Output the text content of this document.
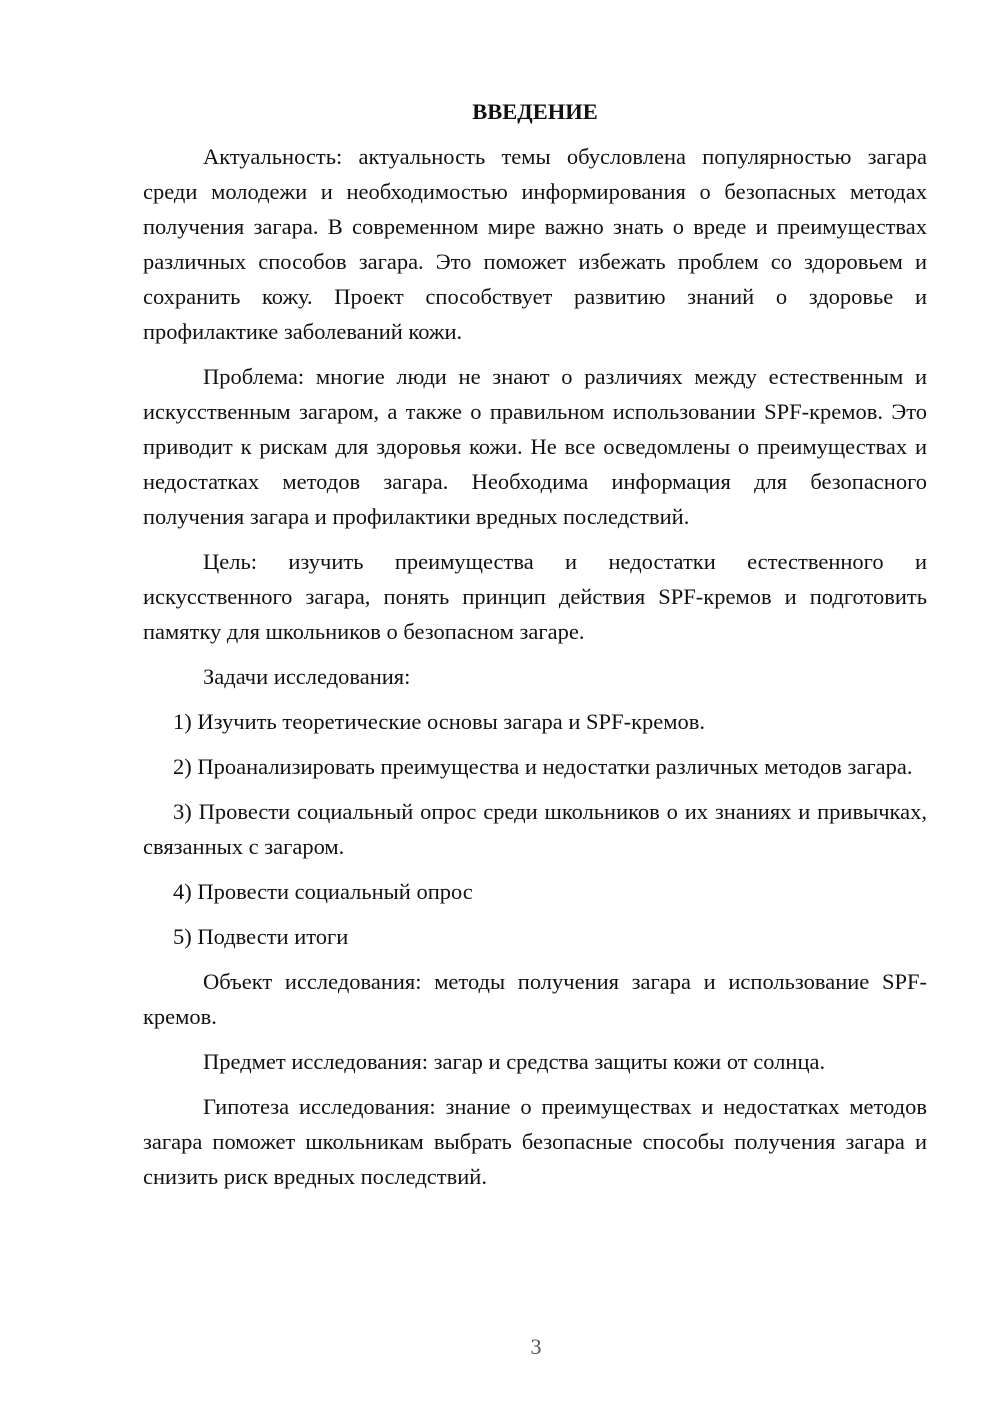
ВВЕДЕНИЕ

Актуальность: актуальность темы обусловлена популярностью загара среди молодежи и необходимостью информирования о безопасных методах получения загара. В современном мире важно знать о вреде и преимуществах различных способов загара. Это поможет избежать проблем со здоровьем и сохранить кожу. Проект способствует развитию знаний о здоровье и профилактике заболеваний кожи.

Проблема: многие люди не знают о различиях между естественным и искусственным загаром, а также о правильном использовании SPF-кремов. Это приводит к рискам для здоровья кожи. Не все осведомлены о преимуществах и недостатках методов загара. Необходима информация для безопасного получения загара и профилактики вредных последствий.

Цель: изучить преимущества и недостатки естественного и искусственного загара, понять принцип действия SPF-кремов и подготовить памятку для школьников о безопасном загаре.

Задачи исследования:

1) Изучить теоретические основы загара и SPF-кремов.

2) Проанализировать преимущества и недостатки различных методов загара.

3) Провести социальный опрос среди школьников о их знаниях и привычках, связанных с загаром.

4) Провести социальный опрос

5) Подвести итоги

Объект исследования: методы получения загара и использование SPF-кремов.

Предмет исследования: загар и средства защиты кожи от солнца.

Гипотеза исследования: знание о преимуществах и недостатках методов загара поможет школьникам выбрать безопасные способы получения загара и снизить риск вредных последствий.

3
